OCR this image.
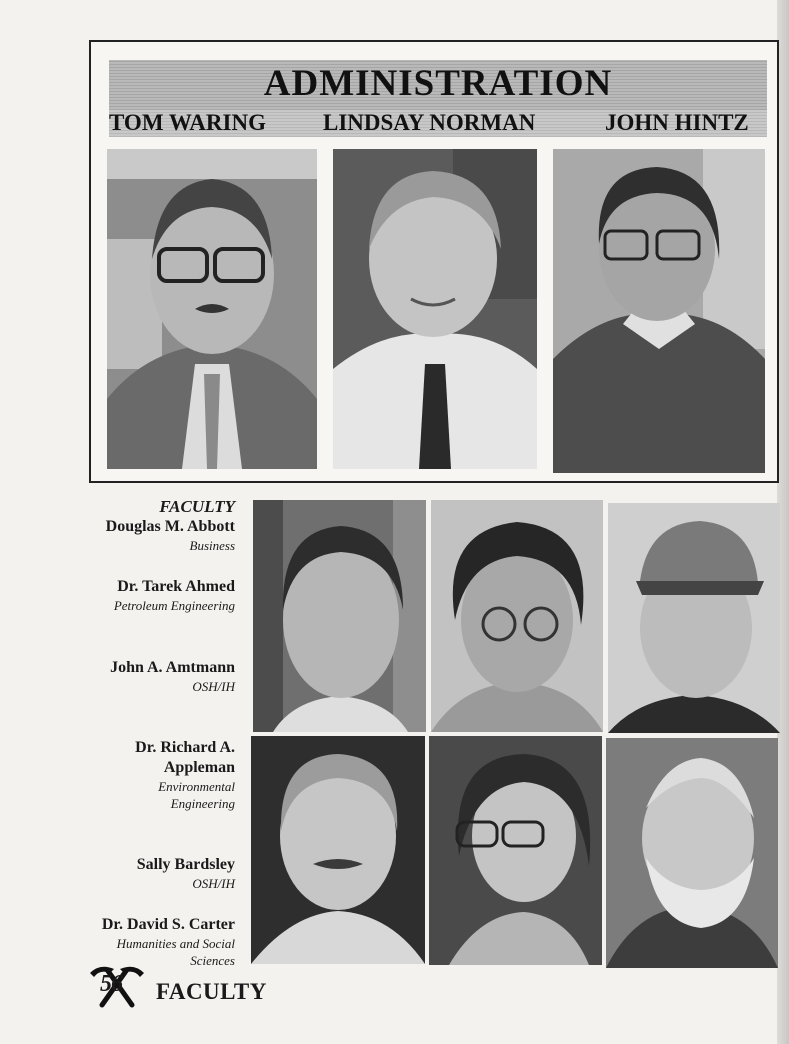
ADMINISTRATION
TOM WARING LINDSAY NORMAN	JOHN HINTZ
FACULTY
Douglas M. Abbott
Business
Dr. Tarek Ahmed
Petroleum Engineering
John A. Amtmann
OSH/IH
Dr. Richard A.
Appleman
Environmental
Engineering
Sally Bardsley
OSH/IH
Dr. David S. Carter
Humanities and Social
Sciences
56 FACULTY
